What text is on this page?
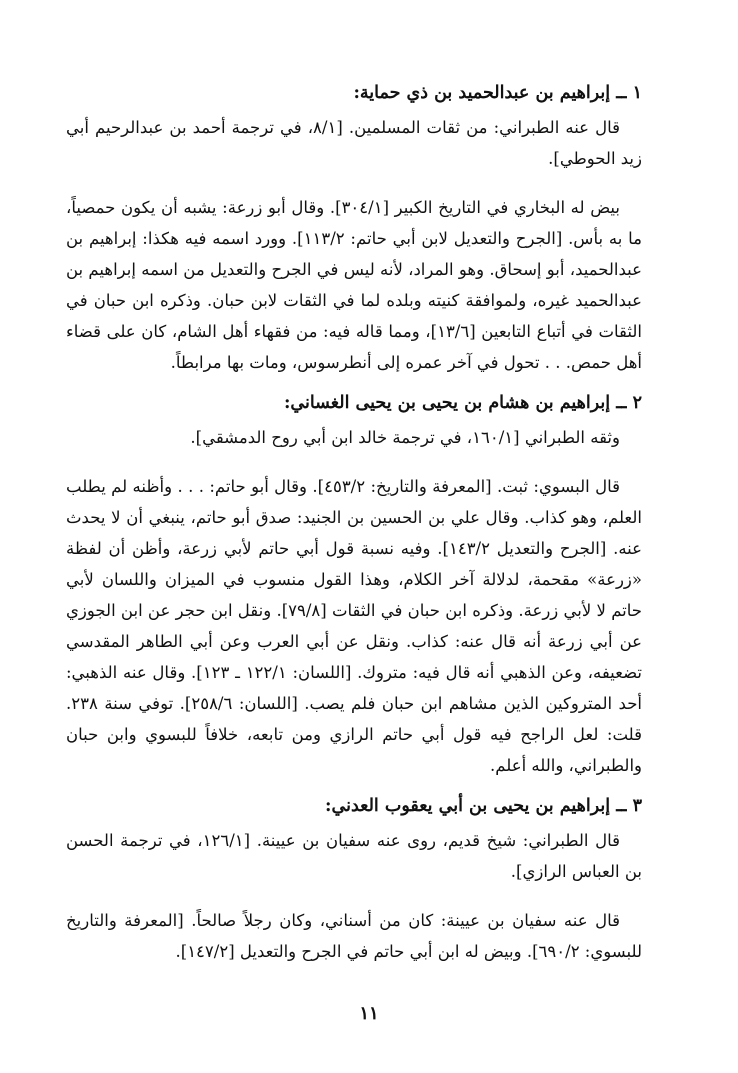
١ ــ إبراهيم بن عبدالحميد بن ذي حماية:

قال عنه الطبراني: من ثقات المسلمين. [٨/١، في ترجمة أحمد بن عبدالرحيم أبي زيد الحوطي].

بيض له البخاري في التاريخ الكبير [٣٠٤/١]. وقال أبو زرعة: يشبه أن يكون حمصياً، ما به بأس. [الجرح والتعديل لابن أبي حاتم: ١١٣/٢]. وورد اسمه فيه هكذا: إبراهيم بن عبدالحميد، أبو إسحاق. وهو المراد، لأنه ليس في الجرح والتعديل من اسمه إبراهيم بن عبدالحميد غيره، ولموافقة كنيته وبلده لما في الثقات لابن حبان. وذكره ابن حبان في الثقات في أتباع التابعين [١٣/٦]، ومما قاله فيه: من فقهاء أهل الشام، كان على قضاء أهل حمص. . . تحول في آخر عمره إلى أنطرسوس، ومات بها مرابطاً.

٢ ــ إبراهيم بن هشام بن يحيى بن يحيى الغساني:

وثقه الطبراني [١٦٠/١، في ترجمة خالد ابن أبي روح الدمشقي].

قال البسوي: ثبت. [المعرفة والتاريخ: ٤٥٣/٢]. وقال أبو حاتم: . . . وأظنه لم يطلب العلم، وهو كذاب. وقال علي بن الحسين بن الجنيد: صدق أبو حاتم، ينبغي أن لا يحدث عنه. [الجرح والتعديل ١٤٣/٢]. وفيه نسبة قول أبي حاتم لأبي زرعة، وأظن أن لفظة «زرعة» مقحمة، لدلالة آخر الكلام، وهذا القول منسوب في الميزان واللسان لأبي حاتم لا لأبي زرعة. وذكره ابن حبان في الثقات [٧٩/٨]. ونقل ابن حجر عن ابن الجوزي عن أبي زرعة أنه قال عنه: كذاب. ونقل عن أبي العرب وعن أبي الطاهر المقدسي تضعيفه، وعن الذهبي أنه قال فيه: متروك. [اللسان: ١٢٢/١ ـ ١٢٣]. وقال عنه الذهبي: أحد المتروكين الذين مشاهم ابن حبان فلم يصب. [اللسان: ٢٥٨/٦]. توفي سنة ٢٣٨. قلت: لعل الراجح فيه قول أبي حاتم الرازي ومن تابعه، خلافاً للبسوي وابن حبان والطبراني، والله أعلم.

٣ ــ إبراهيم بن يحيى بن أبي يعقوب العدني:

قال الطبراني: شيخ قديم، روى عنه سفيان بن عيينة. [١٢٦/١، في ترجمة الحسن بن العباس الرازي].

قال عنه سفيان بن عيينة: كان من أسناني، وكان رجلاً صالحاً. [المعرفة والتاريخ للبسوي: ٦٩٠/٢]. وبيض له ابن أبي حاتم في الجرح والتعديل [١٤٧/٢].

١١
